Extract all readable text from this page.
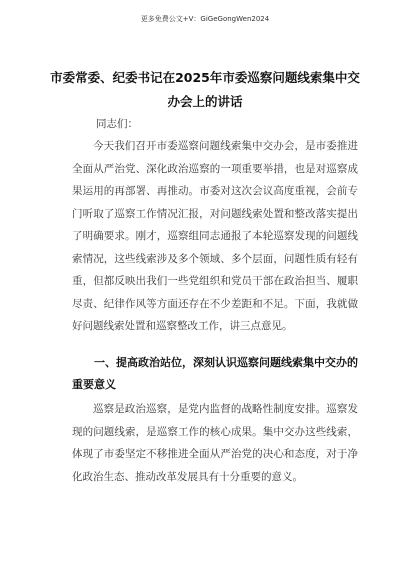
更多免费公文+V：GiGeGongWen2024
市委常委、纪委书记在2025年市委巡察问题线索集中交办会上的讲话
同志们：
今天我们召开市委巡察问题线索集中交办会，是市委推进全面从严治党、深化政治巡察的一项重要举措，也是对巡察成果运用的再部署、再推动。市委对这次会议高度重视，会前专门听取了巡察工作情况汇报，对问题线索处置和整改落实提出了明确要求。刚才，巡察组同志通报了本轮巡察发现的问题线索情况，这些线索涉及多个领域、多个层面，问题性质有轻有重，但都反映出我们一些党组织和党员干部在政治担当、履职尽责、纪律作风等方面还存在不少差距和不足。下面，我就做好问题线索处置和巡察整改工作，讲三点意见。
一、提高政治站位，深刻认识巡察问题线索集中交办的重要意义
巡察是政治巡察，是党内监督的战略性制度安排。巡察发现的问题线索，是巡察工作的核心成果。集中交办这些线索，体现了市委坚定不移推进全面从严治党的决心和态度，对于净化政治生态、推动改革发展具有十分重要的意义。
